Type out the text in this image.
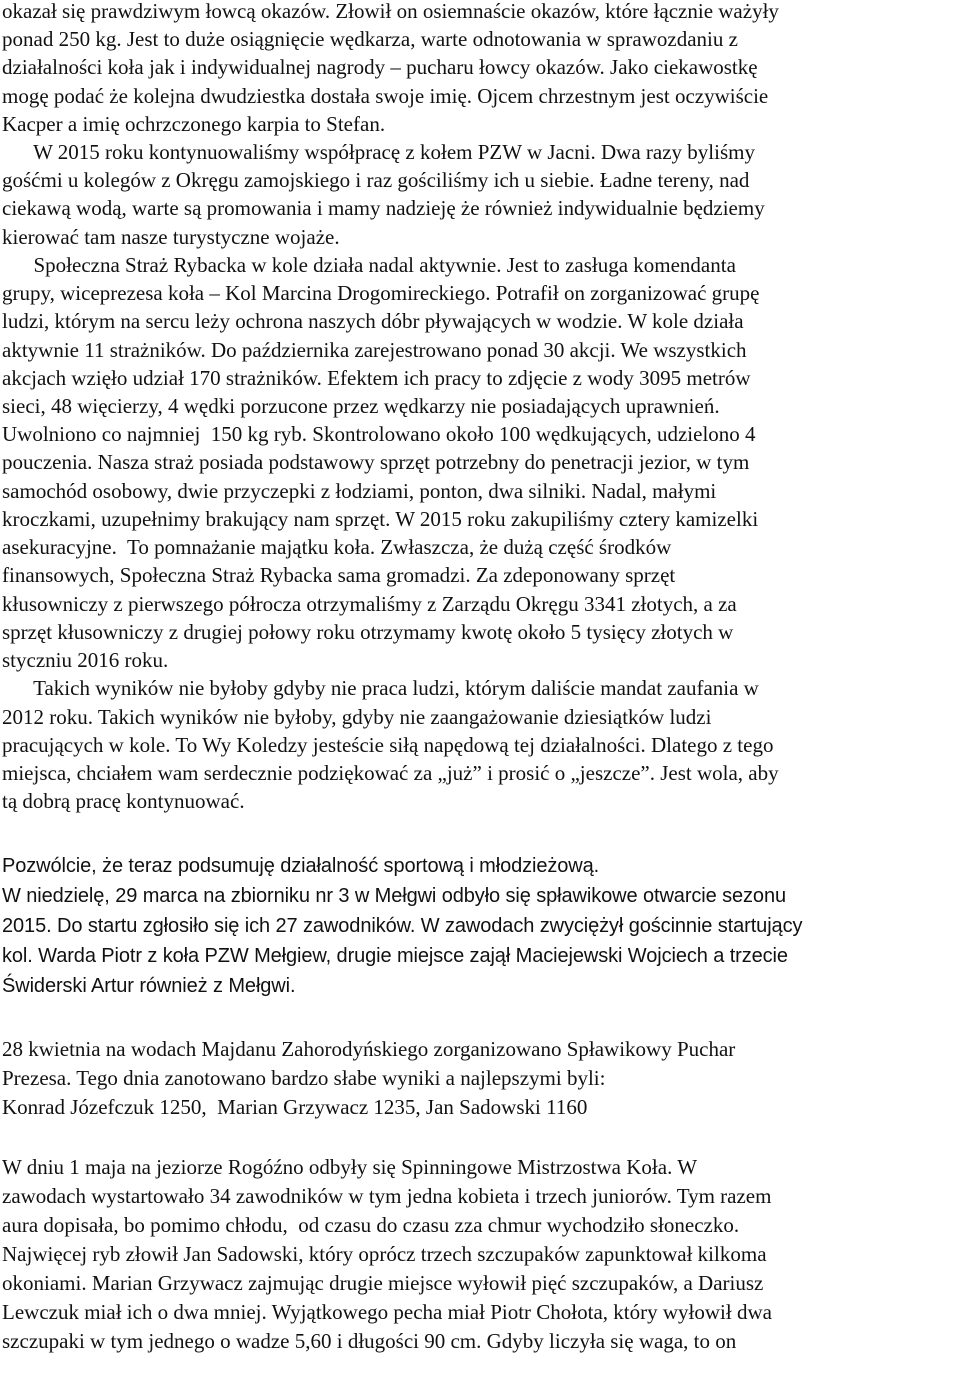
okazał się prawdziwym łowcą okazów. Złowił on osiemnaście okazów, które łącznie ważyły
ponad 250 kg. Jest to duże osiągnięcie wędkarza, warte odnotowania w sprawozdaniu z
działalności koła jak i indywidualnej nagrody – pucharu łowcy okazów. Jako ciekawostkę
mogę podać że kolejna dwudziestka dostała swoje imię. Ojcem chrzestnym jest oczywiście
Kacper a imię ochrzczonego karpia to Stefan.
W 2015 roku kontynuowaliśmy współpracę z kołem PZW w Jacni. Dwa razy byliśmy
gośćmi u kolegów z Okręgu zamojskiego i raz gościliśmy ich u siebie. Ładne tereny, nad
ciekawą wodą, warte są promowania i mamy nadzieję że również indywidualnie będziemy
kierować tam nasze turystyczne wojaże.
Społeczna Straż Rybacka w kole działa nadal aktywnie. Jest to zasługa komendanta
grupy, wiceprezesa koła – Kol Marcina Drogomireckiego. Potrafił on zorganizować grupę
ludzi, którym na sercu leży ochrona naszych dóbr pływających w wodzie. W kole działa
aktywnie 11 strażników. Do października zarejestrowano ponad 30 akcji. We wszystkich
akcjach wzięło udział 170 strażników. Efektem ich pracy to zdjęcie z wody 3095 metrów
sieci, 48 więcierzy, 4 wędki porzucone przez wędkarzy nie posiadających uprawnień.
Uwolniono co najmniej  150 kg ryb. Skontrolowano około 100 wędkujących, udzielono 4
pouczenia. Nasza straż posiada podstawowy sprzęt potrzebny do penetracji jezior, w tym
samochód osobowy, dwie przyczepki z łodziami, ponton, dwa silniki. Nadal, małymi
kroczkami, uzupełnimy brakujący nam sprzęt. W 2015 roku zakupiliśmy cztery kamizelki
asekuracyjne.  To pomnażanie majątku koła. Zwłaszcza, że dużą część środków
finansowych, Społeczna Straż Rybacka sama gromadzi. Za zdeponowany sprzęt
kłusowniczy z pierwszego półrocza otrzymaliśmy z Zarządu Okręgu 3341 złotych, a za
sprzęt kłusowniczy z drugiej połowy roku otrzymamy kwotę około 5 tysięcy złotych w
styczniu 2016 roku.
Takich wyników nie byłoby gdyby nie praca ludzi, którym daliście mandat zaufania w
2012 roku. Takich wyników nie byłoby, gdyby nie zaangażowanie dziesiątków ludzi
pracujących w kole. To Wy Koledzy jesteście siłą napędową tej działalności. Dlatego z tego
miejsca, chciałem wam serdecznie podziękować za „już” i prosić o „jeszcze”. Jest wola, aby
tą dobrą pracę kontynuować.
Pozwólcie, że teraz podsumuję działalność sportową i młodzieżową.
W niedzielę, 29 marca na zbiorniku nr 3 w Mełgwi odbyło się spławikowe otwarcie sezonu
2015. Do startu zgłosiło się ich 27 zawodników. W zawodach zwyciężył gościnnie startujący
kol. Warda Piotr z koła PZW Mełgiew, drugie miejsce zajął Maciejewski Wojciech a trzecie
Świderski Artur również z Mełgwi.
28 kwietnia na wodach Majdanu Zahorodyńskiego zorganizowano Spławikowy Puchar
Prezesa. Tego dnia zanotowano bardzo słabe wyniki a najlepszymi byli:
Konrad Józefczuk 1250,  Marian Grzywacz 1235, Jan Sadowski 1160
W dniu 1 maja na jeziorze Rogóźno odbyły się Spinningowe Mistrzostwa Koła. W
zawodach wystartowało 34 zawodników w tym jedna kobieta i trzech juniorów. Tym razem
aura dopisała, bo pomimo chłodu,  od czasu do czasu zza chmur wychodziło słoneczko.
Najwięcej ryb złowił Jan Sadowski, który oprócz trzech szczupaków zapunktował kilkoma
okoniami. Marian Grzywacz zajmując drugie miejsce wyłowił pięć szczupaków, a Dariusz
Lewczuk miał ich o dwa mniej. Wyjątkowego pecha miał Piotr Chołota, który wyłowił dwa
szczupaki w tym jednego o wadze 5,60 i długości 90 cm. Gdyby liczyła się waga, to on
